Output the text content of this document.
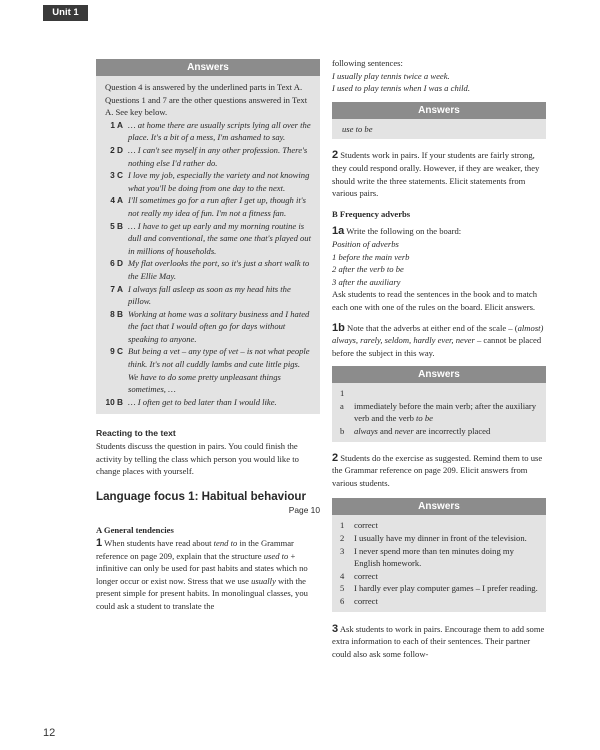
Unit 1
Answers
Question 4 is answered by the underlined parts in Text A.
Questions 1 and 7 are the other questions answered in Text A. See key below.
1 A … at home there are usually scripts lying all over the place. It's a bit of a mess, I'm ashamed to say.
2 D … I can't see myself in any other profession. There's nothing else I'd rather do.
3 C I love my job, especially the variety and not knowing what you'll be doing from one day to the next.
4 A I'll sometimes go for a run after I get up, though it's not really my idea of fun. I'm not a fitness fan.
5 B … I have to get up early and my morning routine is dull and conventional, the same one that's played out in millions of households.
6 D My flat overlooks the port, so it's just a short walk to the Ellie May.
7 A I always fall asleep as soon as my head hits the pillow.
8 B Working at home was a solitary business and I hated the fact that I would often go for days without speaking to anyone.
9 C But being a vet – any type of vet – is not what people think. It's not all cuddly lambs and cute little pigs. We have to do some pretty unpleasant things sometimes, …
10 B … I often get to bed later than I would like.
Reacting to the text
Students discuss the question in pairs. You could finish the activity by telling the class which person you would like to change places with yourself.
Language focus 1: Habitual behaviour
Page 10
A General tendencies
1 When students have read about tend to in the Grammar reference on page 209, explain that the structure used to + infinitive can only be used for past habits and states which no longer occur or exist now. Stress that we use usually with the present simple for present habits. In monolingual classes, you could ask a student to translate the
following sentences:
I usually play tennis twice a week.
I used to play tennis when I was a child.
Answers
use to be
2 Students work in pairs. If your students are fairly strong, they could respond orally. However, if they are weaker, they should write the three statements. Elicit statements from various pairs.
B Frequency adverbs
1a Write the following on the board:
Position of adverbs
1 before the main verb
2 after the verb to be
3 after the auxiliary
Ask students to read the sentences in the book and to match each one with one of the rules on the board. Elicit answers.
1b Note that the adverbs at either end of the scale – (almost) always, rarely, seldom, hardly ever, never – cannot be placed before the subject in this way.
Answers
1
a	immediately before the main verb; after the auxiliary verb and the verb to be
b	always and never are incorrectly placed
2 Students do the exercise as suggested. Remind them to use the Grammar reference on page 209. Elicit answers from various students.
Answers
1	correct
2	I usually have my dinner in front of the television.
3	I never spend more than ten minutes doing my English homework.
4	correct
5	I hardly ever play computer games – I prefer reading.
6	correct
3 Ask students to work in pairs. Encourage them to add some extra information to each of their sentences. Their partner could also ask some follow-
12
